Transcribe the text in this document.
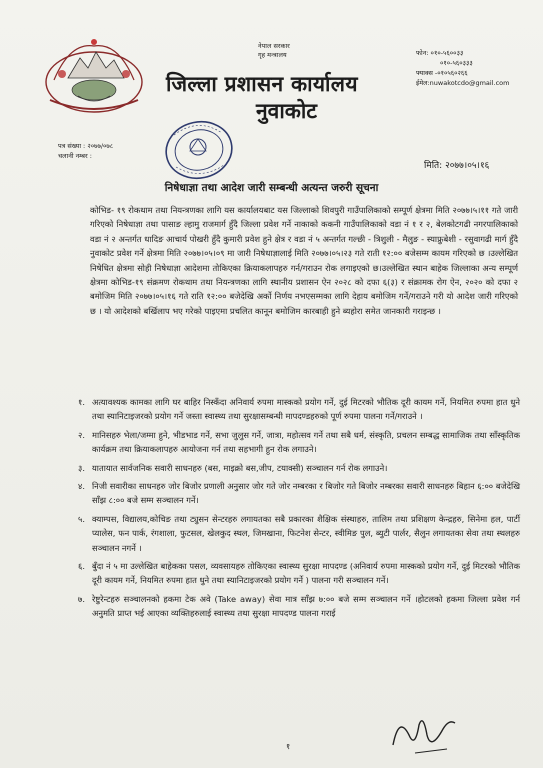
नेपाल सरकार
गृह मन्त्रालय
जिल्ला प्रशासन कार्यालय
नुवाकोट
फोन: ०१०-५६००३३
०१०-५६०३३३
फ्याक्स -०१०५६०२६६
ईमेल:nuwakotcdo@gmail.com
पत्र संख्या : २०७७/०७८
चलानी नम्बर :
मिति: २०७७।०५।१६
निषेधाज्ञा तथा आदेश जारी सम्बन्धी अत्यन्त जरुरी सूचना
कोभिड- १९ रोकथाम तथा नियन्त्रणका लागि यस कार्यालयबाट यस जिल्लाको शिवपुरी गाउँपालिकाको सम्पूर्ण क्षेत्रमा मिति २०७७।५।११ गते जारी गरिएको निषेधाज्ञा तथा पासाङ ल्हामु राजमार्ग हुँदै जिल्ला प्रवेश गर्ने नाकाको ककनी गाउँपालिकाको वडा नं १ र २, बेलकोटगढी नगरपालिकाको वडा नं २ अन्तर्गत धादिङ आचार्य पोखरी हुँदै कुमारी प्रवेश हुने क्षेत्र र वडा नं ५ अन्तर्गत गल्छी - त्रिशुली - मैलुङ - स्याफ्रुबेशी - रसुवागढी मार्ग हुँदै नुवाकोट प्रवेश गर्ने क्षेत्रमा मिति २०७७।०५।०९ मा जारी निषेधाज्ञालाई मिति २०७७।०५।२३ गते राती १२:०० बजेसम्म कायम गरिएको छ ।उल्लेखित निषेधित क्षेत्रमा सोही निषेधाज्ञा आदेशमा तोकिएका क्रियाकलापहरु गर्न/गराउन रोक लगाइएको छ।उल्लेखित स्थान बाहेक जिल्लाका अन्य सम्पूर्ण क्षेत्रमा कोभिड-१९ संक्रमण रोकथाम तथा नियन्त्रणका लागि स्थानीय प्रशासन ऐन २०२८ को दफा ६(३) र संक्रामक रोग ऐन, २०२० को दफा २ बमोजिम मिति २०७७।०५।१६ गते राति १२:०० बजेदेखि अर्को निर्णय नभएसम्मका लागि देहाय बमोजिम गर्ने/गराउने गरी यो आदेश जारी गरिएको छ । यो आदेशको बर्खिलाप भए गरेको पाइएमा प्रचलित कानून बमोजिम कारबाही हुने ब्यहोरा समेत जानकारी गराइन्छ ।
१. अत्यावश्यक कामका लागि घर बाहिर निस्कँदा अनिवार्य रुपमा मास्कको प्रयोग गर्ने, दुई मिटरको भौतिक दूरी कायम गर्ने, नियमित रुपमा हात धुने तथा स्यानिटाइजरको प्रयोग गर्ने जस्ता स्वास्थ्य तथा सुरक्षासम्बन्धी मापदण्डहरुको पूर्ण रुपमा पालना गर्ने/गराउने ।
२. मानिसहरु भेला/जम्मा हुने, भीडभाड गर्ने, सभा जुलुस गर्ने, जात्रा, महोत्सव गर्ने तथा सबै धर्म, संस्कृति, प्रचलन सम्बद्ध सामाजिक तथा साँस्कृतिक कार्यक्रम तथा क्रियाकलापहरु आयोजना गर्न तथा सहभागी हुन रोक लगाउने।
३. यातायात सार्वजनिक सवारी साधनहरु (बस, माइक्रो बस,जीप, टयाक्सी) सञ्चालन गर्न रोक लगाउने।
४. निजी सवारीका साधनहरु जोर बिजोर प्रणाली अनुसार जोर गते जोर नम्बरका र बिजोर गते बिजोर नम्बरका सवारी साधनहरु बिहान ६:०० बजेदेखि साँझ ८:०० बजे सम्म सञ्चालन गर्ने।
५. क्याम्पस, विद्यालय,कोचिङ तथा ट्युसन सेन्टरहरु लगायतका सबै प्रकारका शैक्षिक संस्थाहरु, तालिम तथा प्रशिक्षण केन्द्रहरु, सिनेमा हल, पार्टी प्यालेस, फन पार्क, रंगशाला, फुटसल, खेलकुद स्थल, जिमखाना, फिटनेश सेन्टर, स्वीमिङ पुल, ब्युटी पार्लर, सैलुन लगायतका सेवा तथा स्थलहरु सञ्चालन नगर्ने ।
६. बुँदा नं ५ मा उल्लेखित बाहेकका पसल, व्यवसायहरु तोकिएका स्वास्थ्य सुरक्षा मापदण्ड (अनिवार्य रुपमा मास्कको प्रयोग गर्ने, दुई मिटरको भौतिक दूरी कायम गर्ने, नियमित रुपमा हात धुने तथा स्यानिटाइजरको प्रयोग गर्ने ) पालना गरी सञ्चालन गर्ने।
७. रेष्टुरेन्टहरु सञ्चालनको हकमा टेक अवे (Take away) सेवा मात्र साँझ ७:०० बजे सम्म सञ्चालन गर्ने ।होटलको हकमा जिल्ला प्रवेश गर्न अनुमति प्राप्त भई आएका व्यक्तिहरुलाई स्वास्थ्य तथा सुरक्षा मापदण्ड पालना गराई
१
